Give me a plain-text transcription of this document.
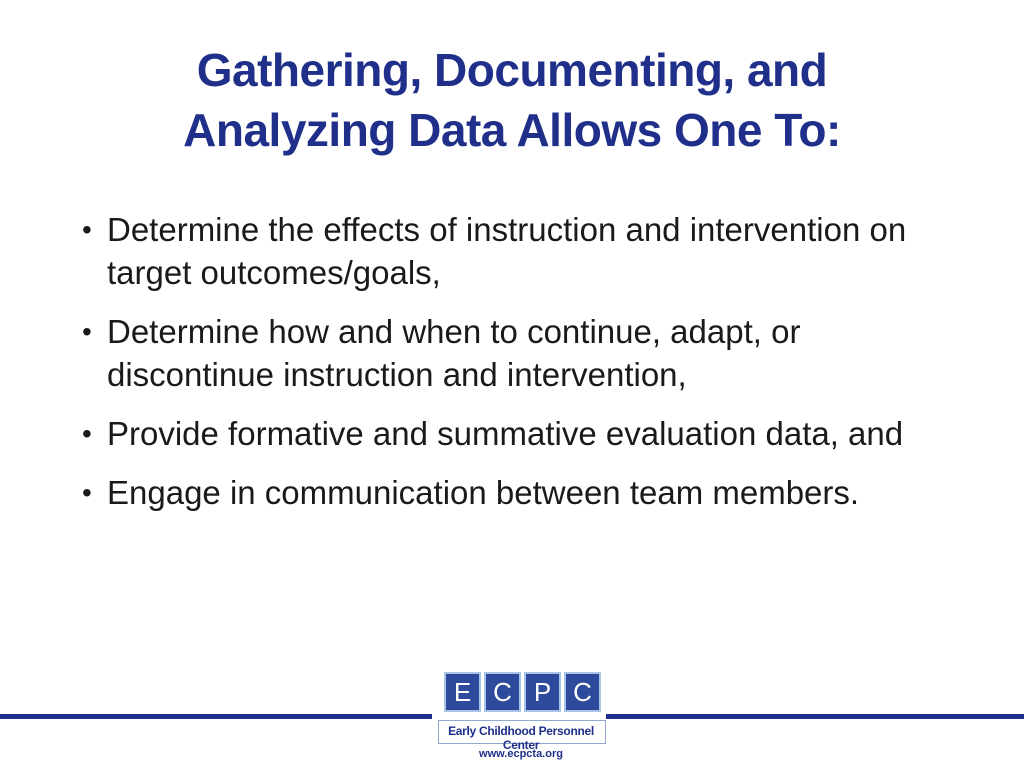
Gathering, Documenting, and
Analyzing Data Allows One To:
• Determine the effects of instruction and intervention on target outcomes/goals,
• Determine how and when to continue, adapt, or discontinue instruction and intervention,
• Provide formative and summative evaluation data, and
• Engage in communication between team members.
E C P C
Early Childhood Personnel Center
www.ecpcta.org
